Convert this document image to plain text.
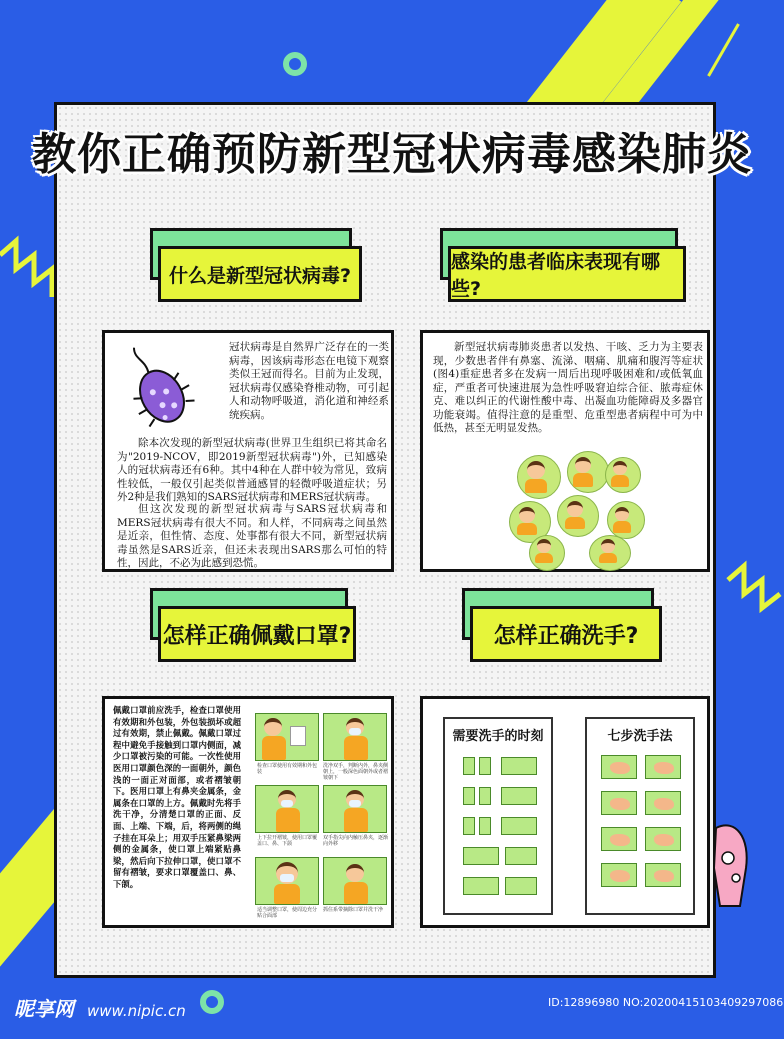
教你正确预防新型冠状病毒感染肺炎
什么是新型冠状病毒?
感染的患者临床表现有哪些?
冠状病毒是自然界广泛存在的一类病毒，因该病毒形态在电镜下观察类似王冠而得名。目前为止发现，冠状病毒仅感染脊椎动物，可引起人和动物呼吸道，消化道和神经系统疾病。
除本次发现的新型冠状病毒(世界卫生组织已将其命名为"2019-NCOV，即2019新型冠状病毒")外，已知感染人的冠状病毒还有6种。其中4种在人群中较为常见，致病性较低，一般仅引起类似普通感冒的轻微呼吸道症状；另外2种是我们熟知的SARS冠状病毒和MERS冠状病毒。
但这次发现的新型冠状病毒与SARS冠状病毒和MERS冠状病毒有很大不同。和人样，不同病毒之间虽然是近亲，但性情、态度、处事都有很大不同，新型冠状病毒虽然是SARS近亲，但还未表现出SARS那么可怕的特性，因此，不必为此感到恐慌。
新型冠状病毒肺炎患者以发热、干咳、乏力为主要表现，少数患者伴有鼻塞、流涕、咽痛、肌痛和腹泻等症状(图4)重症患者多在发病一周后出现呼吸困难和/或低氧血症，严重者可快速进展为急性呼吸窘迫综合征、脓毒症休克、难以纠正的代谢性酸中毒、出凝血功能障碍及多器官功能衰竭。值得注意的是重型、危重型患者病程中可为中低热，甚至无明显发热。
怎样正确佩戴口罩?	怎样正确洗手?
佩戴口罩前应洗手，检查口罩使用有效期和外包装，外包装损坏或超过有效期，禁止佩戴。佩戴口罩过程中避免手接触到口罩内侧面，减少口罩被污染的可能。一次性使用医用口罩颜色深的一面朝外，颜色浅的一面正对面部，或者褶皱朝下。医用口罩上有鼻夹金属条，金属条在口罩的上方。佩戴时先将手洗干净，分清楚口罩的正面、反面、上端、下端，后，将两侧的绳子挂在耳朵上；用双手压紧鼻梁两侧的金属条，使口罩上端紧贴鼻梁，然后向下拉伸口罩，使口罩不留有褶皱，要求口罩覆盖口、鼻、下颌。
检查口罩使用有效期和外包装
洗净双手，判断内外，鼻夹侧朝上，一般深色面朝外或者褶皱朝下
上下拉开褶皱，使用口罩覆盖口、鼻、下颌
双手指尖向内触压鼻夹，逐渐向外移
适当调整口罩，使周边充分贴合面部
抓住系带摘除口罩并洗干净
需要洗手的时刻	七步洗手法
昵享网 www.nipic.cn	ID:12896980 NO:20200415103409297086
